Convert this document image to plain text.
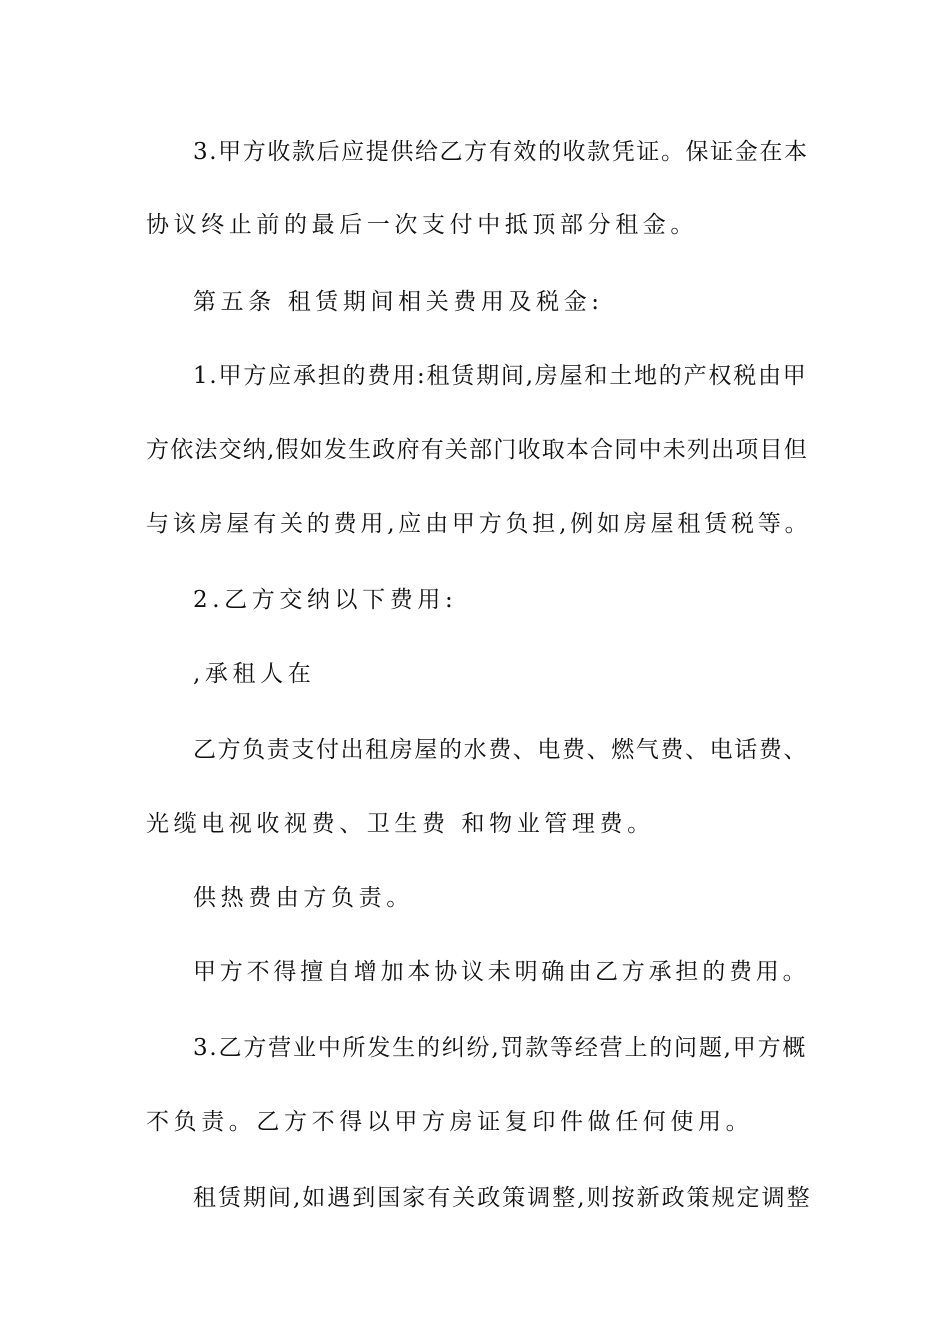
3.甲方收款后应提供给乙方有效的收款凭证。保证金在本
协议终止前的最后一次支付中抵顶部分租金。
第五条 租赁期间相关费用及税金:
1.甲方应承担的费用:租赁期间,房屋和土地的产权税由甲
方依法交纳,假如发生政府有关部门收取本合同中未列出项目但
与该房屋有关的费用,应由甲方负担,例如房屋租赁税等。
2.乙方交纳以下费用:
,承租人在
乙方负责支付出租房屋的水费、电费、燃气费、电话费、
光缆电视收视费、卫生费 和物业管理费。
供热费由方负责。
甲方不得擅自增加本协议未明确由乙方承担的费用。
3.乙方营业中所发生的纠纷,罚款等经营上的问题,甲方概
不负责。乙方不得以甲方房证复印件做任何使用。
租赁期间,如遇到国家有关政策调整,则按新政策规定调整
